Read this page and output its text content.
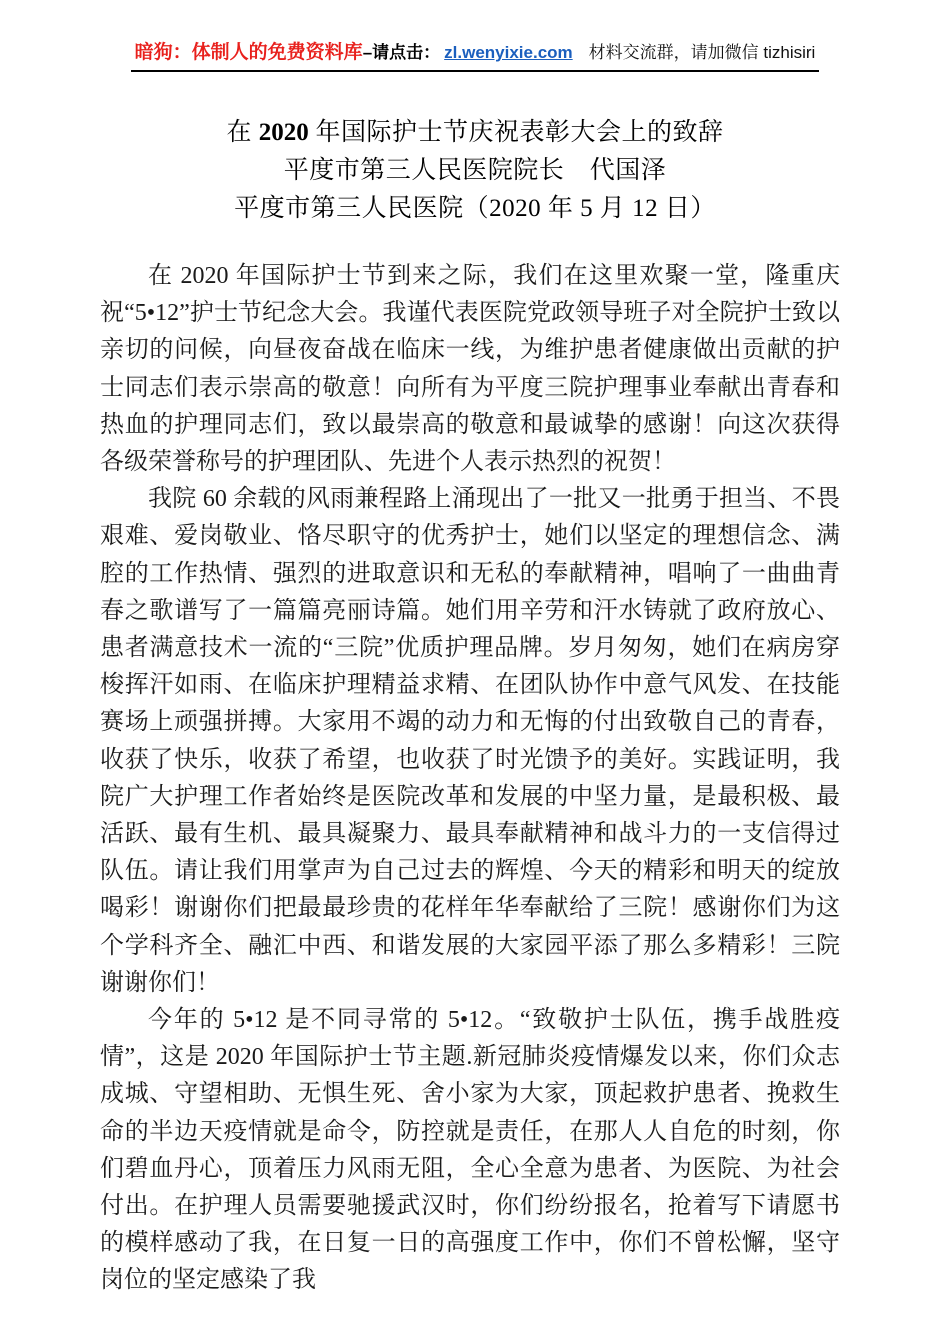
暗狗：体制人的免费资料库–请点击： zl.wenyixie.com 材料交流群，请加微信 tizhisiri
在 2020 年国际护士节庆祝表彰大会上的致辞
平度市第三人民医院院长　代国泽
平度市第三人民医院（2020 年 5 月 12 日）

在 2020 年国际护士节到来之际，我们在这里欢聚一堂，隆重庆祝“5•12”护士节纪念大会。我谨代表医院党政领导班子对全院护士致以亲切的问候，向昼夜奋战在临床一线，为维护患者健康做出贡献的护士同志们表示崇高的敬意！向所有为平度三院护理事业奉献出青春和热血的护理同志们，致以最崇高的敬意和最诚挚的感谢！向这次获得各级荣誉称号的护理团队、先进个人表示热烈的祝贺！

我院 60 余载的风雨兼程路上涌现出了一批又一批勇于担当、不畏艰难、爱岗敬业、恪尽职守的优秀护士，她们以坚定的理想信念、满腔的工作热情、强烈的进取意识和无私的奉献精神，唱响了一曲曲青春之歌谱写了一篇篇亮丽诗篇。她们用辛劳和汗水铸就了政府放心、患者满意技术一流的“三院”优质护理品牌。岁月匆匆，她们在病房穿梭挥汗如雨、在临床护理精益求精、在团队协作中意气风发、在技能赛场上顽强拼搏。大家用不竭的动力和无悔的付出致敬自己的青春，收获了快乐，收获了希望，也收获了时光馈予的美好。实践证明，我院广大护理工作者始终是医院改革和发展的中坚力量，是最积极、最活跃、最有生机、最具凝聚力、最具奉献精神和战斗力的一支信得过队伍。请让我们用掌声为自己过去的辉煌、今天的精彩和明天的绽放喝彩！谢谢你们把最最珍贵的花样年华奉献给了三院！感谢你们为这个学科齐全、融汇中西、和谐发展的大家园平添了那么多精彩！三院谢谢你们！

今年的 5•12 是不同寻常的 5•12。“致敬护士队伍，携手战胜疫情”，这是 2020 年国际护士节主题.新冠肺炎疫情爆发以来，你们众志成城、守望相助、无惧生死、舍小家为大家，顶起救护患者、挽救生命的半边天疫情就是命令，防控就是责任，在那人人自危的时刻，你们碧血丹心，顶着压力风雨无阻，全心全意为患者、为医院、为社会付出。在护理人员需要驰援武汉时，你们纷纷报名，抢着写下请愿书的模样感动了我，在日复一日的高强度工作中，你们不曾松懈，坚守岗位的坚定感染了我
